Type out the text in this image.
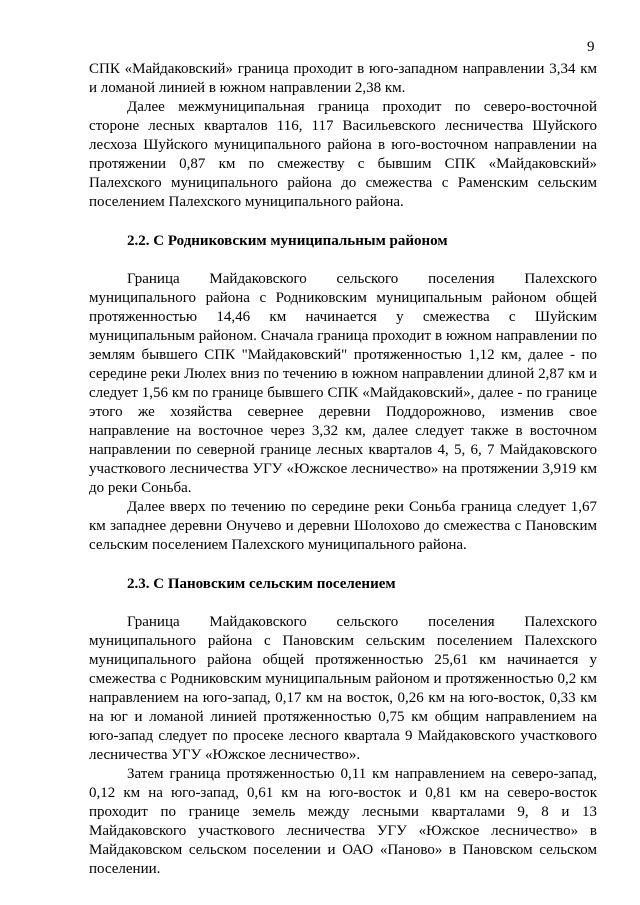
9

СПК «Майдаковский» граница проходит в юго-западном направлении 3,34 км и ломаной линией в южном направлении 2,38 км.

Далее межмуниципальная граница проходит по северо-восточной стороне лесных кварталов 116, 117 Васильевского лесничества Шуйского лесхоза Шуйского муниципального района в юго-восточном направлении на протяжении 0,87 км по смежеству с бывшим СПК «Майдаковский» Палехского муниципального района до смежества с Раменским сельским поселением Палехского муниципального района.

2.2. С Родниковским муниципальным районом

Граница Майдаковского сельского поселения Палехского муниципального района с Родниковским муниципальным районом общей протяженностью 14,46 км начинается у смежества с Шуйским муниципальным районом. Сначала граница проходит в южном направлении по землям бывшего СПК "Майдаковский" протяженностью 1,12 км, далее - по середине реки Люлех вниз по течению в южном направлении длиной 2,87 км и следует 1,56 км по границе бывшего СПК «Майдаковский», далее - по границе этого же хозяйства севернее деревни Поддорожново, изменив свое направление на восточное через 3,32 км, далее следует также в восточном направлении по северной границе лесных кварталов 4, 5, 6, 7 Майдаковского участкового лесничества УГУ «Южское лесничество» на протяжении 3,919 км до реки Соньба.

Далее вверх по течению по середине реки Соньба граница следует 1,67 км западнее деревни Онучево и деревни Шолохово до смежества с Пановским сельским поселением Палехского муниципального района.

2.3. С Пановским сельским поселением

Граница Майдаковского сельского поселения Палехского муниципального района с Пановским сельским поселением Палехского муниципального района общей протяженностью 25,61 км начинается у смежества с Родниковским муниципальным районом и протяженностью 0,2 км направлением на юго-запад, 0,17 км на восток, 0,26 км на юго-восток, 0,33 км на юг и ломаной линией протяженностью 0,75 км общим направлением на юго-запад следует по просеке лесного квартала 9 Майдаковского участкового лесничества УГУ «Южское лесничество».

Затем граница протяженностью 0,11 км направлением на северо-запад, 0,12 км на юго-запад, 0,61 км на юго-восток и 0,81 км на северо-восток проходит по границе земель между лесными кварталами 9, 8 и 13 Майдаковского участкового лесничества УГУ «Южское лесничество» в Майдаковском сельском поселении и ОАО «Паново» в Пановском сельском поселении.
